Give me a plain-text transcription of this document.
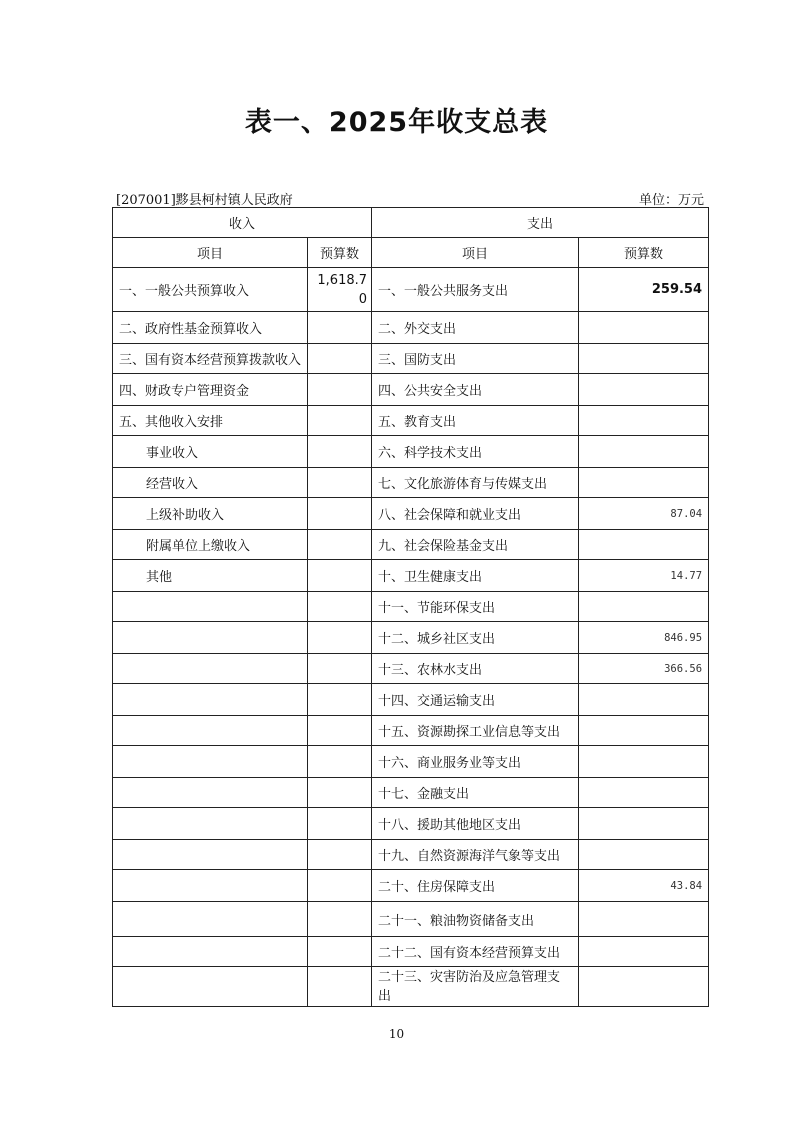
表一、2025年收支总表
[207001]黟县柯村镇人民政府	单位：万元
收入		支出	
项目	预算数	项目	预算数
一、一般公共预算收入	1,618.70	一、一般公共服务支出	259.54
二、政府性基金预算收入		二、外交支出	
三、国有资本经营预算拨款收入		三、国防支出	
四、财政专户管理资金		四、公共安全支出	
五、其他收入安排		五、教育支出	
事业收入		六、科学技术支出	
经营收入		七、文化旅游体育与传媒支出	
上级补助收入		八、社会保障和就业支出	87.04
附属单位上缴收入		九、社会保险基金支出	
其他		十、卫生健康支出	14.77
		十一、节能环保支出	
		十二、城乡社区支出	846.95
		十三、农林水支出	366.56
		十四、交通运输支出	
		十五、资源勘探工业信息等支出	
		十六、商业服务业等支出	
		十七、金融支出	
		十八、援助其他地区支出	
		十九、自然资源海洋气象等支出	
		二十、住房保障支出	43.84
		二十一、粮油物资储备支出	
		二十二、国有资本经营预算支出	
		二十三、灾害防治及应急管理支出	
10
